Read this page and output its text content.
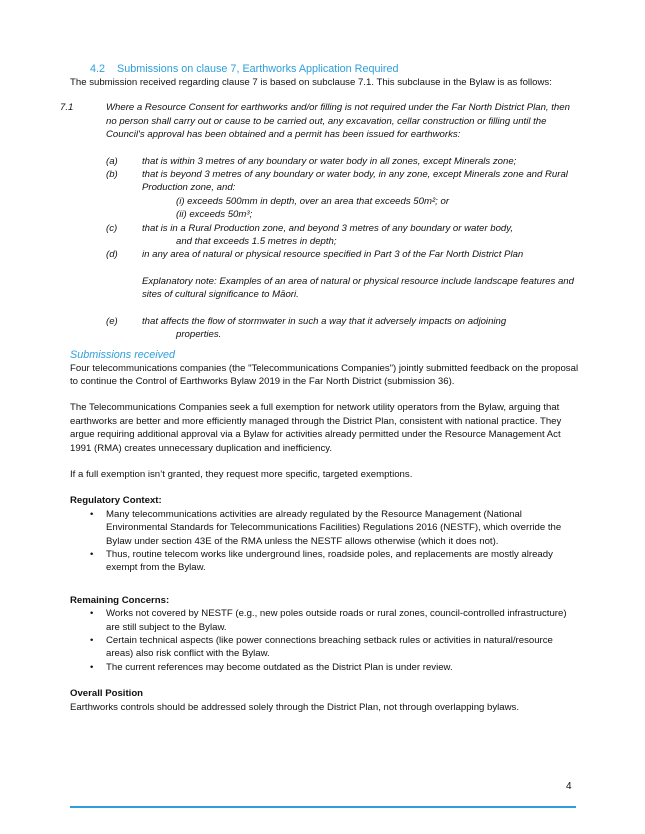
4.2    Submissions on clause 7, Earthworks Application Required

The submission received regarding clause 7 is based on subclause 7.1. This subclause in the Bylaw is as follows:

7.1	Where a Resource Consent for earthworks and/or filling is not required under the Far North District Plan, then no person shall carry out or cause to be carried out, any excavation, cellar construction or filling until the Council's approval has been obtained and a permit has been issued for earthworks:
(a)	that is within 3 metres of any boundary or water body in all zones, except Minerals zone;
(b)	that is beyond 3 metres of any boundary or water body, in any zone, except Minerals zone and Rural Production zone, and:
(i) exceeds 500mm in depth, over an area that exceeds 50m²; or
(ii) exceeds 50m³;
(c)	that is in a Rural Production zone, and beyond 3 metres of any boundary or water body,
and that exceeds 1.5 metres in depth;
(d)	in any area of natural or physical resource specified in Part 3 of the Far North District Plan
Explanatory note: Examples of an area of natural or physical resource include landscape features and sites of cultural significance to Māori.
(e)	that affects the flow of stormwater in such a way that it adversely impacts on adjoining
properties.
Submissions received

Four telecommunications companies (the "Telecommunications Companies") jointly submitted feedback on the proposal to continue the Control of Earthworks Bylaw 2019 in the Far North District (submission 36).

The Telecommunications Companies seek a full exemption for network utility operators from the Bylaw, arguing that earthworks are better and more efficiently managed through the District Plan, consistent with national practice. They argue requiring additional approval via a Bylaw for activities already permitted under the Resource Management Act 1991 (RMA) creates unnecessary duplication and inefficiency.

If a full exemption isn’t granted, they request more specific, targeted exemptions.

Regulatory Context:
• Many telecommunications activities are already regulated by the Resource Management (National Environmental Standards for Telecommunications Facilities) Regulations 2016 (NESTF), which override the Bylaw under section 43E of the RMA unless the NESTF allows otherwise (which it does not).
• Thus, routine telecom works like underground lines, roadside poles, and replacements are mostly already exempt from the Bylaw.
Remaining Concerns:
• Works not covered by NESTF (e.g., new poles outside roads or rural zones, council-controlled infrastructure) are still subject to the Bylaw.
• Certain technical aspects (like power connections breaching setback rules or activities in natural/resource areas) also risk conflict with the Bylaw.
• The current references may become outdated as the District Plan is under review.
Overall Position

Earthworks controls should be addressed solely through the District Plan, not through overlapping bylaws.

4
